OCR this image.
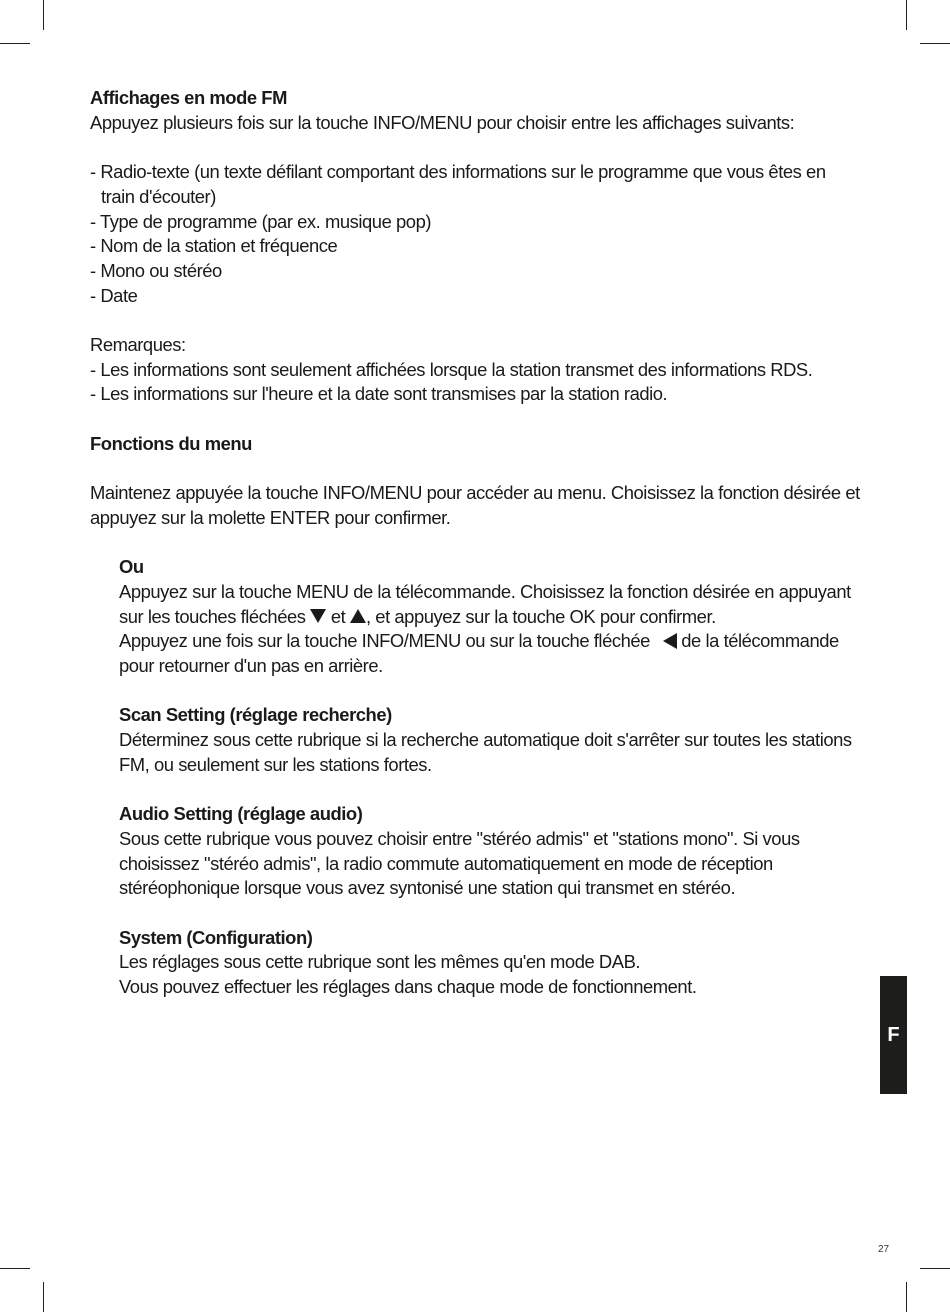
Affichages en mode FM

Appuyez plusieurs fois sur la touche INFO/MENU pour choisir entre les affichages suivants:

- Radio-texte (un texte défilant comportant des informations sur le programme que vous êtes en train d'écouter)

- Type de programme (par ex. musique pop)

- Nom de la station et fréquence

- Mono ou stéréo

- Date

Remarques:

- Les informations sont seulement affichées lorsque la station transmet des informations RDS.

- Les informations sur l'heure et la date sont transmises par la station radio.

Fonctions du menu

Maintenez appuyée la touche INFO/MENU pour accéder au menu. Choisissez la fonction désirée et appuyez sur la molette ENTER pour confirmer.

Ou

Appuyez sur la touche MENU de la télécommande. Choisissez la fonction désirée en appuyant sur les touches fléchées et , et appuyez sur la touche OK pour confirmer.

Appuyez une fois sur la touche INFO/MENU ou sur la touche fléchée de la télécommande pour retourner d'un pas en arrière.

Scan Setting (réglage recherche)

Déterminez sous cette rubrique si la recherche automatique doit s'arrêter sur toutes les stations FM, ou seulement sur les stations fortes.

Audio Setting (réglage audio)

Sous cette rubrique vous pouvez choisir entre "stéréo admis" et "stations mono". Si vous choisissez "stéréo admis", la radio commute automatiquement en mode de réception stéréophonique lorsque vous avez syntonisé une station qui transmet en stéréo.

System (Configuration)

Les réglages sous cette rubrique sont les mêmes qu'en mode DAB.

Vous pouvez effectuer les réglages dans chaque mode de fonctionnement.

F
27
